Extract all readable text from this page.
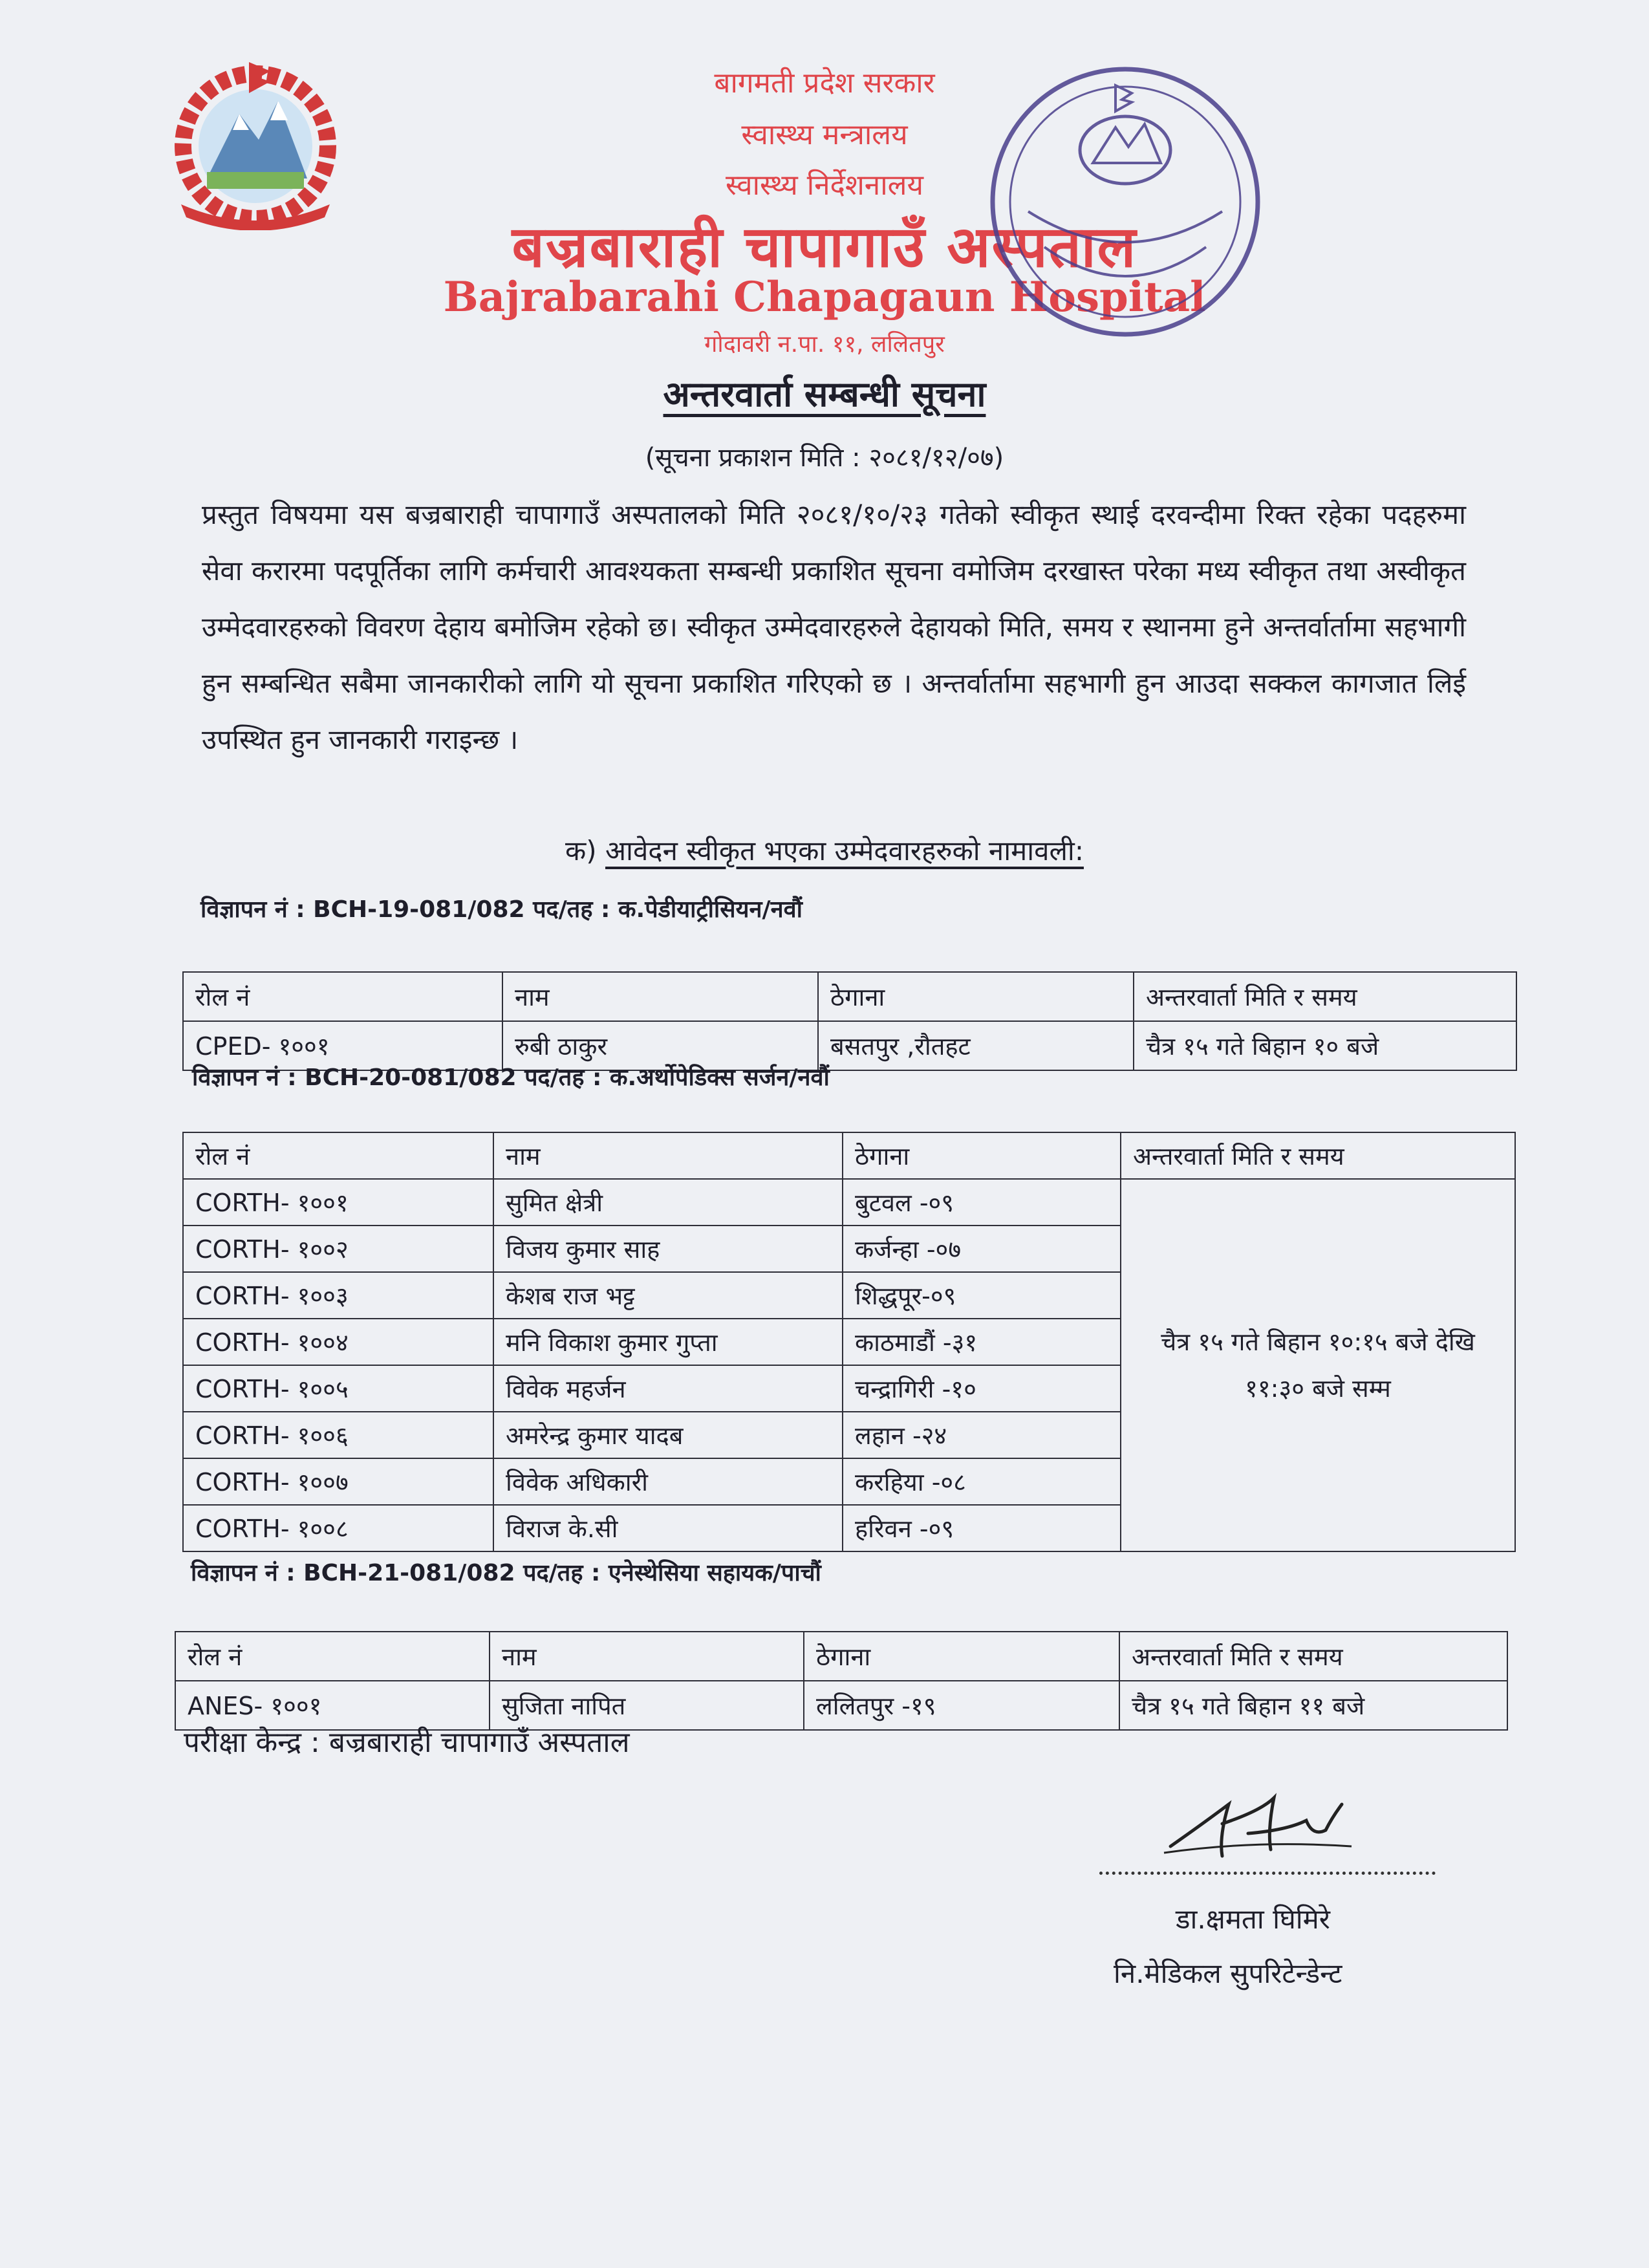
बागमती प्रदेश सरकार
स्वास्थ्य मन्त्रालय
स्वास्थ्य निर्देशनालय
बज्रबाराही चापागाउँ अस्पताल
Bajrabarahi Chapagaun Hospital
गोदावरी न.पा. ११, ललितपुर
अन्तरवार्ता सम्बन्धी सूचना
(सूचना प्रकाशन मिति : २०८१/१२/०७)

प्रस्तुत विषयमा यस बज्रबाराही चापागाउँ अस्पतालको मिति २०८१/१०/२३ गतेको स्वीकृत स्थाई दरवन्दीमा रिक्त रहेका पदहरुमा सेवा करारमा पदपूर्तिका लागि कर्मचारी आवश्यकता सम्बन्धी प्रकाशित सूचना वमोजिम दरखास्त परेका मध्य स्वीकृत तथा अस्वीकृत उम्मेदवारहरुको विवरण देहाय बमोजिम रहेको छ। स्वीकृत उम्मेदवारहरुले देहायको मिति, समय र स्थानमा हुने अन्तर्वार्तामा सहभागी हुन सम्बन्धित सबैमा जानकारीको लागि यो सूचना प्रकाशित गरिएको छ । अन्तर्वार्तामा सहभागी हुन आउदा सक्कल कागजात लिई उपस्थित हुन जानकारी गराइन्छ ।

क) आवेदन स्वीकृत भएका उम्मेदवारहरुको नामावली:
विज्ञापन नं : BCH-19-081/082 पद/तह : क.पेडीयाट्रीसियन/नवौं
रोल नं	नाम	ठेगाना	अन्तरवार्ता मिति र समय
CPED- १००१	रुबी ठाकुर	बसतपुर ,रौतहट	चैत्र १५ गते बिहान १० बजे
विज्ञापन नं : BCH-20-081/082 पद/तह : क.अर्थोपेडिक्स सर्जन/नवौं
रोल नं	नाम	ठेगाना	अन्तरवार्ता मिति र समय
CORTH- १००१	सुमित क्षेत्री	बुटवल -०९	चैत्र १५ गते बिहान १०:१५ बजे देखि ११:३० बजे सम्म
CORTH- १००२	विजय कुमार साह	कर्जन्हा -०७	
CORTH- १००३	केशब राज भट्ट	शिद्धपूर-०९	
CORTH- १००४	मनि विकाश कुमार गुप्ता	काठमाडौं -३१	
CORTH- १००५	विवेक महर्जन	चन्द्रागिरी -१०	
CORTH- १००६	अमरेन्द्र कुमार यादब	लहान -२४	
CORTH- १००७	विवेक अधिकारी	करहिया -०८	
CORTH- १००८	विराज के.सी	हरिवन -०९	
विज्ञापन नं : BCH-21-081/082 पद/तह : एनेस्थेसिया सहायक/पाचौं
रोल नं	नाम	ठेगाना	अन्तरवार्ता मिति र समय
ANES- १००१	सुजिता नापित	ललितपुर -१९	चैत्र १५ गते बिहान ११ बजे
परीक्षा केन्द्र : बज्रबाराही चापागाउँ अस्पताल
डा.क्षमता घिमिरे
नि.मेडिकल सुपरिटेन्डेन्ट
